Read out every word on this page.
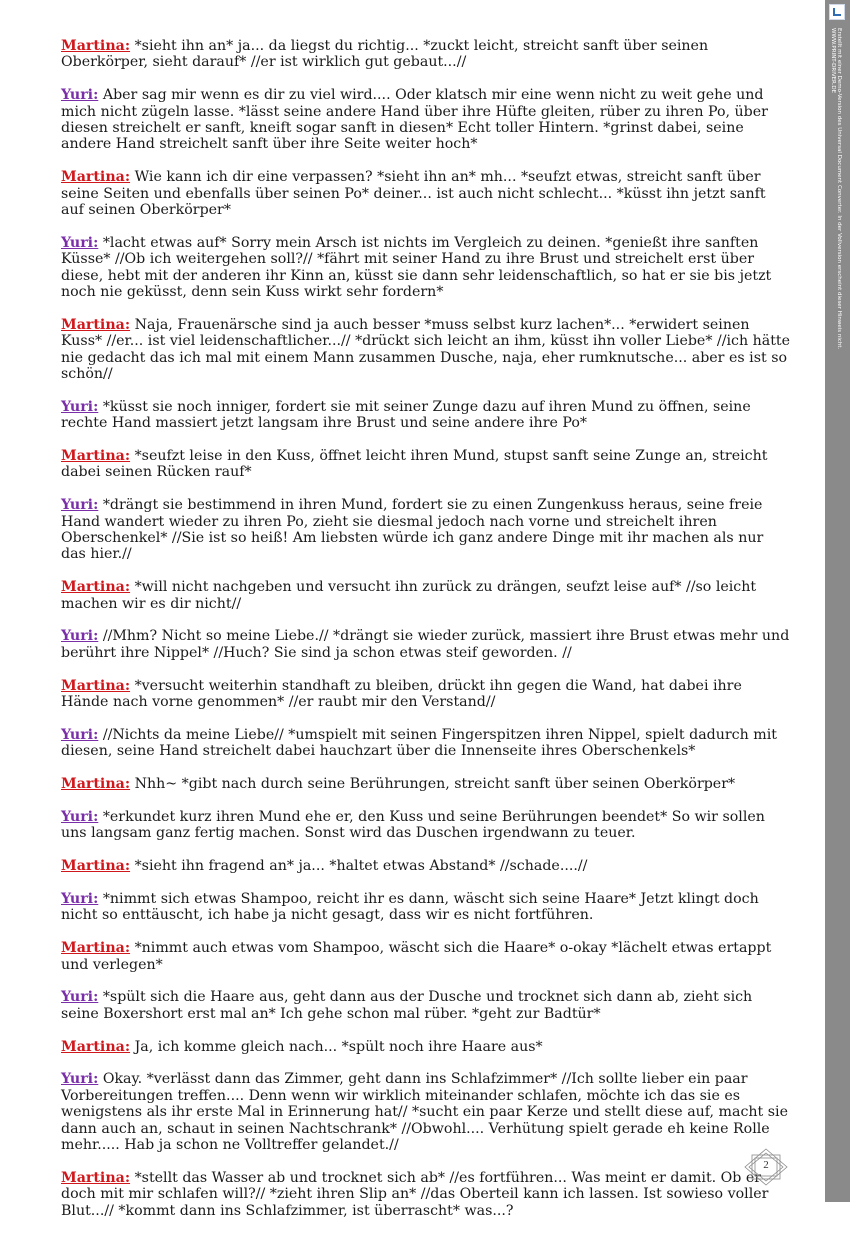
Martina: *sieht ihn an* ja... da liegst du richtig... *zuckt leicht, streicht sanft über seinen Oberkörper, sieht darauf* //er ist wirklich gut gebaut...//

Yuri: Aber sag mir wenn es dir zu viel wird.... Oder klatsch mir eine wenn nicht zu weit gehe und mich nicht zügeln lasse. *lässt seine andere Hand über ihre Hüfte gleiten, rüber zu ihren Po, über diesen streichelt er sanft, kneift sogar sanft in diesen* Echt toller Hintern. *grinst dabei, seine andere Hand streichelt sanft über ihre Seite weiter hoch*

Martina: Wie kann ich dir eine verpassen? *sieht ihn an* mh... *seufzt etwas, streicht sanft über seine Seiten und ebenfalls über seinen Po* deiner... ist auch nicht schlecht... *küsst ihn jetzt sanft auf seinen Oberkörper*

Yuri: *lacht etwas auf* Sorry mein Arsch ist nichts im Vergleich zu deinen. *genießt ihre sanften Küsse* //Ob ich weitergehen soll?// *fährt mit seiner Hand zu ihre Brust und streichelt erst über diese, hebt mit der anderen ihr Kinn an, küsst sie dann sehr leidenschaftlich, so hat er sie bis jetzt noch nie geküsst, denn sein Kuss wirkt sehr fordern*

Martina: Naja, Frauenärsche sind ja auch besser *muss selbst kurz lachen*... *erwidert seinen Kuss* //er... ist viel leidenschaftlicher...// *drückt sich leicht an ihm, küsst ihn voller Liebe* //ich hätte nie gedacht das ich mal mit einem Mann zusammen Dusche, naja, eher rumknutsche... aber es ist so schön//

Yuri: *küsst sie noch inniger, fordert sie mit seiner Zunge dazu auf ihren Mund zu öffnen, seine rechte Hand massiert jetzt langsam ihre Brust und seine andere ihre Po*

Martina: *seufzt leise in den Kuss, öffnet leicht ihren Mund, stupst sanft seine Zunge an, streicht dabei seinen Rücken rauf*

Yuri: *drängt sie bestimmend in ihren Mund, fordert sie zu einen Zungenkuss heraus, seine freie Hand wandert wieder zu ihren Po, zieht sie diesmal jedoch nach vorne und streichelt ihren Oberschenkel* //Sie ist so heiß! Am liebsten würde ich ganz andere Dinge mit ihr machen als nur das hier.//

Martina: *will nicht nachgeben und versucht ihn zurück zu drängen, seufzt leise auf* //so leicht machen wir es dir nicht//

Yuri: //Mhm? Nicht so meine Liebe.// *drängt sie wieder zurück, massiert ihre Brust etwas mehr und berührt ihre Nippel* //Huch? Sie sind ja schon etwas steif geworden. //

Martina: *versucht weiterhin standhaft zu bleiben, drückt ihn gegen die Wand, hat dabei ihre Hände nach vorne genommen* //er raubt mir den Verstand//

Yuri: //Nichts da meine Liebe// *umspielt mit seinen Fingerspitzen ihren Nippel, spielt dadurch mit diesen, seine Hand streichelt dabei hauchzart über die Innenseite ihres Oberschenkels*

Martina: Nhh~ *gibt nach durch seine Berührungen, streicht sanft über seinen Oberkörper*

Yuri: *erkundet kurz ihren Mund ehe er, den Kuss und seine Berührungen beendet* So wir sollen uns langsam ganz fertig machen. Sonst wird das Duschen irgendwann zu teuer.

Martina: *sieht ihn fragend an* ja... *haltet etwas Abstand* //schade....//

Yuri: *nimmt sich etwas Shampoo, reicht ihr es dann, wäscht sich seine Haare* Jetzt klingt doch nicht so enttäuscht, ich habe ja nicht gesagt, dass wir es nicht fortführen.

Martina: *nimmt auch etwas vom Shampoo, wäscht sich die Haare* o-okay *lächelt etwas ertappt und verlegen*

Yuri: *spült sich die Haare aus, geht dann aus der Dusche und trocknet sich dann ab, zieht sich seine Boxershort erst mal an* Ich gehe schon mal rüber. *geht zur Badtür*

Martina: Ja, ich komme gleich nach... *spült noch ihre Haare aus*

Yuri: Okay. *verlässt dann das Zimmer, geht dann ins Schlafzimmer* //Ich sollte lieber ein paar Vorbereitungen treffen.... Denn wenn wir wirklich miteinander schlafen, möchte ich das sie es wenigstens als ihr erste Mal in Erinnerung hat// *sucht ein paar Kerze und stellt diese auf, macht sie dann auch an, schaut in seinen Nachtschrank* //Obwohl.... Verhütung spielt gerade eh keine Rolle mehr..... Hab ja schon ne Volltreffer gelandet.//

Martina: *stellt das Wasser ab und trocknet sich ab* //es fortführen... Was meint er damit. Ob er doch mit mir schlafen will?// *zieht ihren Slip an* //das Oberteil kann ich lassen. Ist sowieso voller Blut...// *kommt dann ins Schlafzimmer, ist überrascht* was...?

2
Erstellt mit einer Demo-Version des Universal Document Converter. In der Vollversion erscheint dieser Hinweis nicht.
WWW.PRINT-DRIVER.DE
